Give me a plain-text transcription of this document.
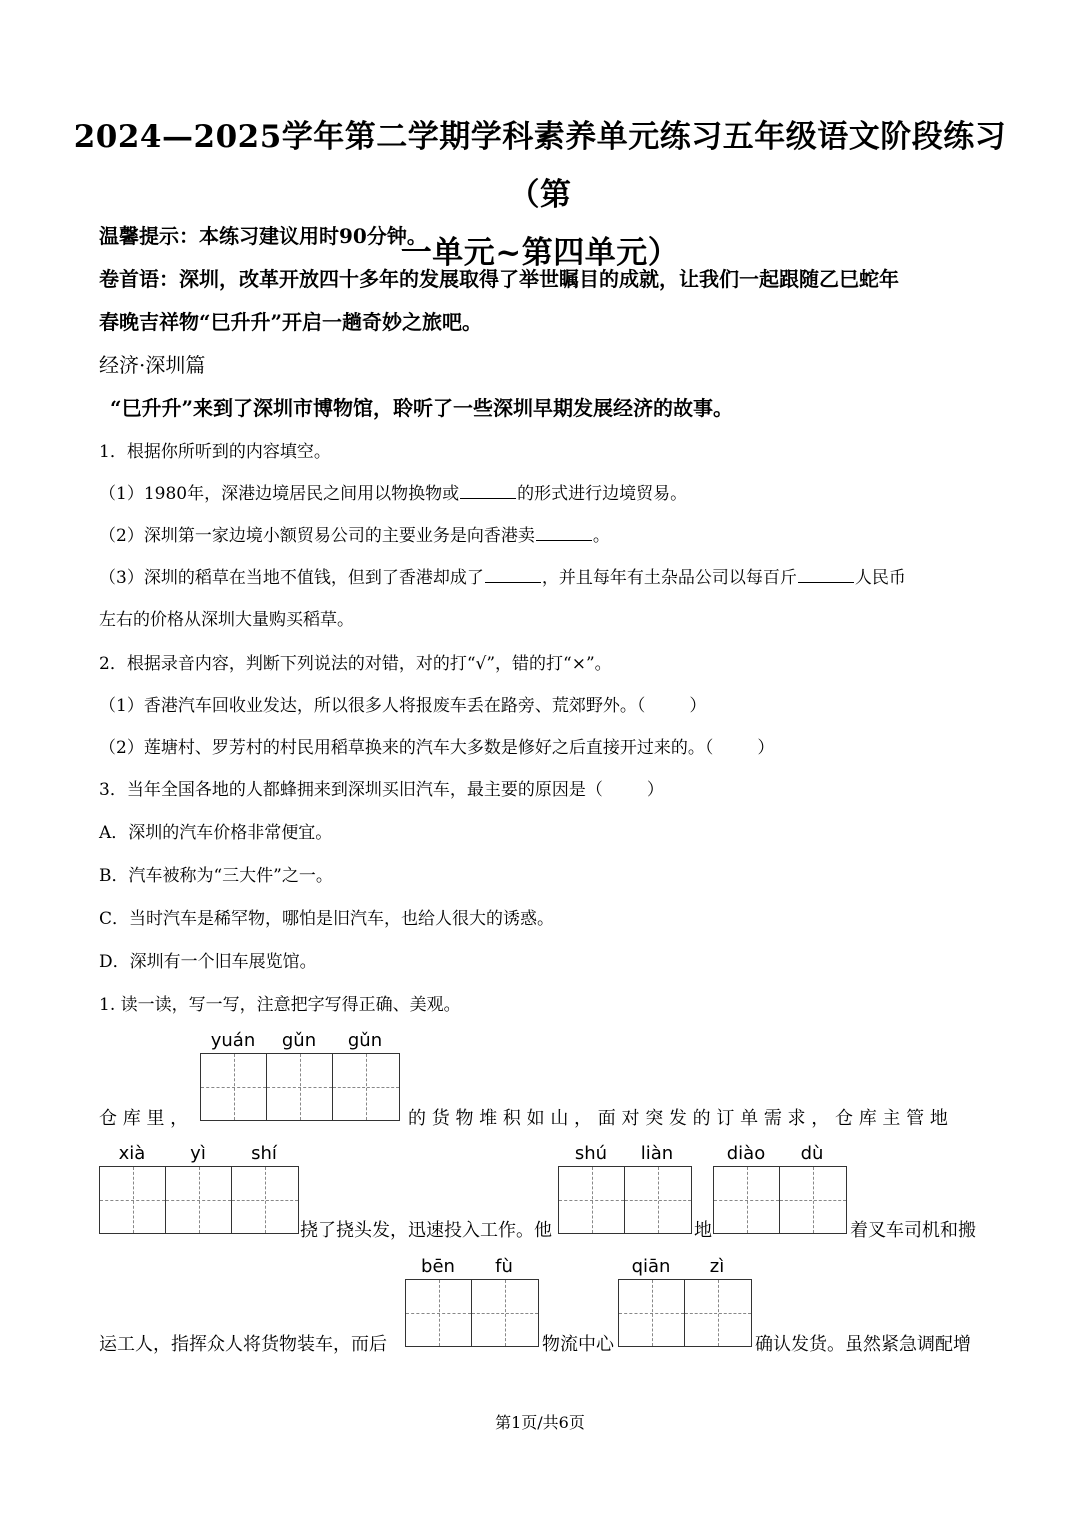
2024—2025学年第二学期学科素养单元练习五年级语文阶段练习（第
一单元~第四单元）
温馨提示：本练习建议用时90分钟。
卷首语：深圳，改革开放四十多年的发展取得了举世瞩目的成就，让我们一起跟随乙巳蛇年
春晚吉祥物“巳升升”开启一趟奇妙之旅吧。
经济·深圳篇
“巳升升”来到了深圳市博物馆，聆听了一些深圳早期发展经济的故事。
1．根据你所听到的内容填空。
（1）1980年，深港边境居民之间用以物换物或	的形式进行边境贸易。
（2）深圳第一家边境小额贸易公司的主要业务是向香港卖	。
（3）深圳的稻草在当地不值钱，但到了香港却成了	，并且每年有土杂品公司以每百斤	人民币
左右的价格从深圳大量购买稻草。
2．根据录音内容，判断下列说法的对错，对的打“√”，错的打“×”。
（1）香港汽车回收业发达，所以很多人将报废车丢在路旁、荒郊野外。（	）
（2）莲塘村、罗芳村的村民用稻草换来的汽车大多数是修好之后直接开过来的。（	）
3．当年全国各地的人都蜂拥来到深圳买旧汽车，最主要的原因是（	）
A．深圳的汽车价格非常便宜。
B．汽车被称为“三大件”之一。
C．当时汽车是稀罕物，哪怕是旧汽车，也给人很大的诱惑。
D．深圳有一个旧车展览馆。
1. 读一读，写一写，注意把字写得正确、美观。
yuán	gǔn	gǔn
仓 库 里 ，	的 货 物 堆 积 如 山 ， 面 对 突 发 的 订 单 需 求 ， 仓 库 主 管 地
xià	yì	shí
挠了挠头发，迅速投入工作。他
shú	liàn
地
diào	dù
着叉车司机和搬
运工人，指挥众人将货物装车，而后
bēn	fù
物流中心
qiān	zì
确认发货。虽然紧急调配增
第1页/共6页
